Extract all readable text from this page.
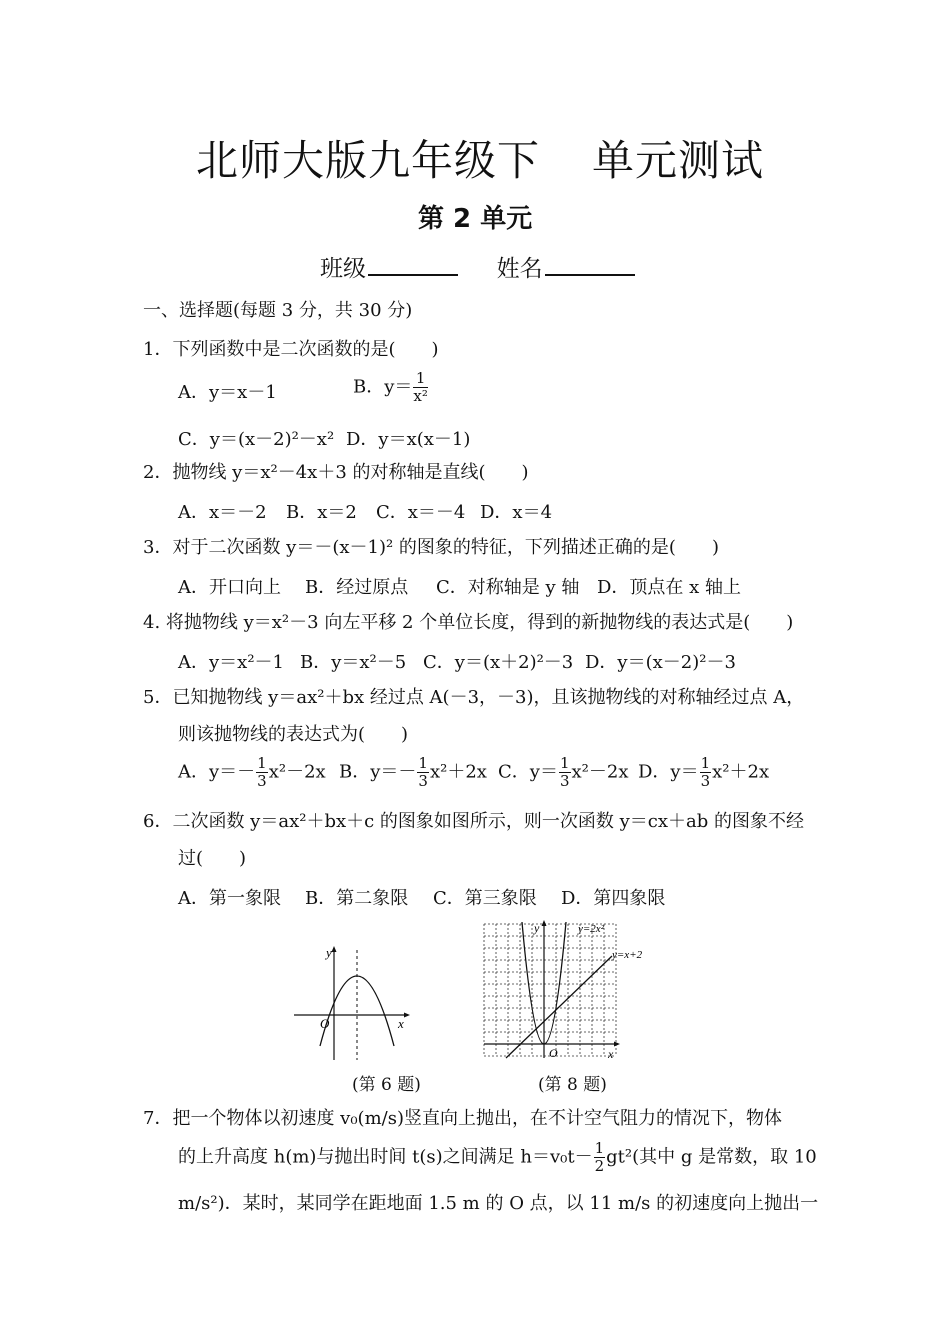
北师大版九年级下 单元测试
第 2 单元
班级	姓名
一、选择题(每题 3 分，共 30 分)
1．下列函数中是二次函数的是(　　)
A．y＝x－1	B．$y= \frac{1}{\text{x²}}$
C．y＝(x－2)²－x² D．y＝x(x－1)
2．抛物线 y＝x²－4x＋3 的对称轴是直线(　　)
A．x＝－2 B．x＝2 C．x＝－4 D．x＝4
3．对于二次函数 y＝－(x－1)² 的图象的特征，下列描述正确的是(　　)
A．开口向上 B．经过原点 C．对称轴是 y 轴 D．顶点在 x 轴上
4. 将抛物线 y＝x²－3 向左平移 2 个单位长度，得到的新抛物线的表达式是(　　)
A．y＝x²－1 B．y＝x²－5 C．y＝(x＋2)²－3 D．y＝(x－2)²－3
5．已知抛物线 y＝ax²＋bx 经过点 A(－3，－3)，且该抛物线的对称轴经过点 A，
则该抛物线的表达式为(　　)
A．$y=- \frac{1}{3} x^2-2x$ B．$y=- \frac{1}{3} x^2+2x$ C．$y= \frac{1}{3} x^2-2x$ D．$y= \frac{1}{3} x^2+2x$
6．二次函数 y＝ax²＋bx＋c 的图象如图所示，则一次函数 y＝cx＋ab 的图象不经
过(　　)
A．第一象限 B．第二象限 C．第三象限 D．第四象限
y
x
O
(第 6 题)
y
x
O
y=2x²
y=x+2
(第 8 题)
7．把一个物体以初速度 v₀(m/s)竖直向上抛出，在不计空气阻力的情况下，物体
的上升高度 h(m)与抛出时间 t(s)之间满足 $h=v_0t- \frac{1}{2} gt^2$(其中 g 是常数，取 10
m/s²)．某时，某同学在距地面 1.5 m 的 O 点，以 11 m/s 的初速度向上抛出一
